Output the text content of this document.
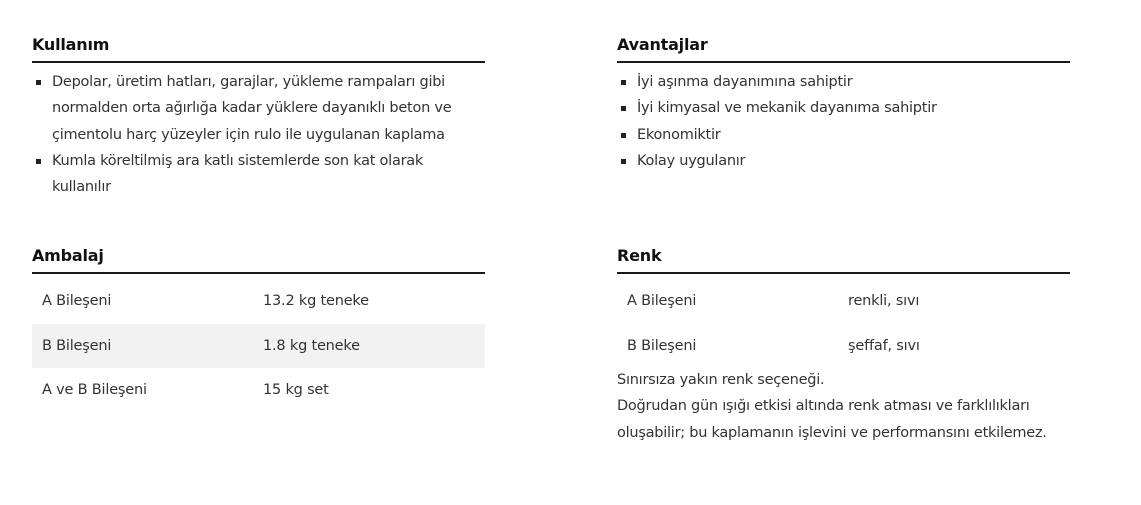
Kullanım
Depolar, üretim hatları, garajlar, yükleme rampaları gibi normalden orta ağırlığa kadar yüklere dayanıklı beton ve çimentolu harç yüzeyler için rulo ile uygulanan kaplama
Kumla köreltilmiş ara katlı sistemlerde son kat olarak kullanılır
Avantajlar
İyi aşınma dayanımına sahiptir
İyi kimyasal ve mekanik dayanıma sahiptir
Ekonomiktir
Kolay uygulanır
Ambalaj
A Bileşeni	13.2 kg teneke
B Bileşeni	1.8 kg teneke
A ve B Bileşeni	15 kg set
Renk
A Bileşeni	renkli, sıvı
B Bileşeni	şeffaf, sıvı

Sınırsıza yakın renk seçeneği.

Doğrudan gün ışığı etkisi altında renk atması ve farklılıkları oluşabilir; bu kaplamanın işlevini ve performansını etkilemez.
